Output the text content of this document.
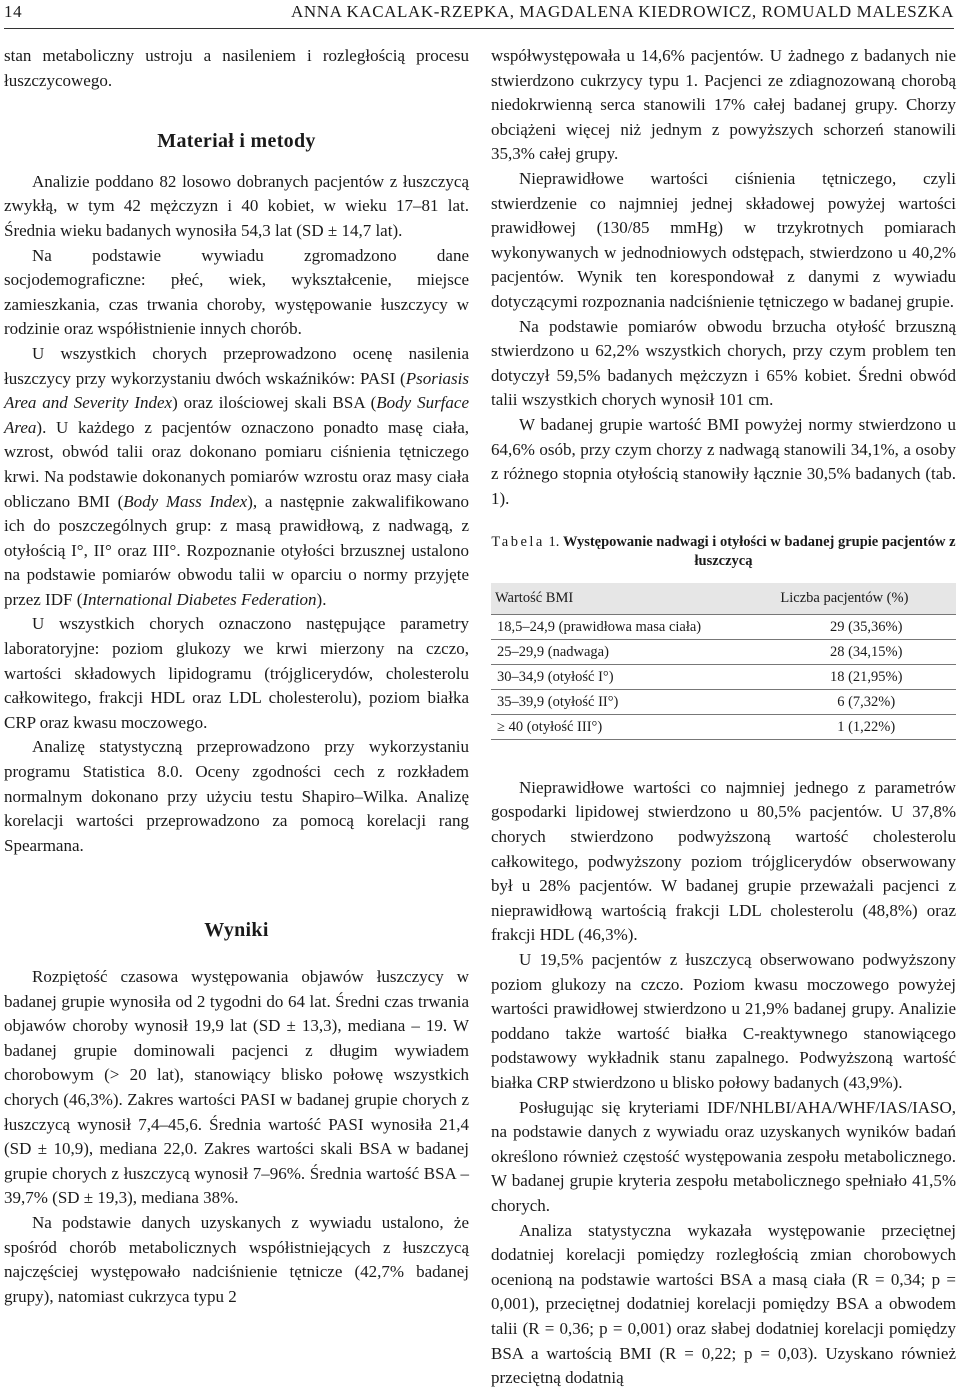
14	ANNA KACALAK-RZEPKA, MAGDALENA KIEDROWICZ, ROMUALD MALESZKA

stan metaboliczny ustroju a nasileniem i rozległością procesu łuszczycowego.

Materiał i metody

Analizie poddano 82 losowo dobranych pacjentów z łuszczycą zwykłą, w tym 42 mężczyzn i 40 kobiet, w wieku 17–81 lat. Średnia wieku badanych wynosiła 54,3 lat (SD ± 14,7 lat).

Na podstawie wywiadu zgromadzono dane socjodemograficzne: płeć, wiek, wykształcenie, miejsce zamieszkania, czas trwania choroby, występowanie łuszczycy w rodzinie oraz współistnienie innych chorób.

U wszystkich chorych przeprowadzono ocenę nasilenia łuszczycy przy wykorzystaniu dwóch wskaźników: PASI (Psoriasis Area and Severity Index) oraz ilościowej skali BSA (Body Surface Area). U każdego z pacjentów oznaczono ponadto masę ciała, wzrost, obwód talii oraz dokonano pomiaru ciśnienia tętniczego krwi. Na podstawie dokonanych pomiarów wzrostu oraz masy ciała obliczano BMI (Body Mass Index), a następnie zakwalifikowano ich do poszczególnych grup: z masą prawidłową, z nadwagą, z otyłością I°, II° oraz III°. Rozpoznanie otyłości brzusznej ustalono na podstawie pomiarów obwodu talii w oparciu o normy przyjęte przez IDF (International Diabetes Federation).

U wszystkich chorych oznaczono następujące parametry laboratoryjne: poziom glukozy we krwi mierzony na czczo, wartości składowych lipidogramu (trójglicerydów, cholesterolu całkowitego, frakcji HDL oraz LDL cholesterolu), poziom białka CRP oraz kwasu moczowego.

Analizę statystyczną przeprowadzono przy wykorzystaniu programu Statistica 8.0. Oceny zgodności cech z rozkładem normalnym dokonano przy użyciu testu Shapiro–Wilka. Analizę korelacji wartości przeprowadzono za pomocą korelacji rang Spearmana.

Wyniki

Rozpiętość czasowa występowania objawów łuszczycy w badanej grupie wynosiła od 2 tygodni do 64 lat. Średni czas trwania objawów choroby wynosił 19,9 lat (SD ± 13,3), mediana – 19. W badanej grupie dominowali pacjenci z długim wywiadem chorobowym (> 20 lat), stanowiący blisko połowę wszystkich chorych (46,3%). Zakres wartości PASI w badanej grupie chorych z łuszczycą wynosił 7,4–45,6. Średnia wartość PASI wynosiła 21,4 (SD ± 10,9), mediana 22,0. Zakres wartości skali BSA w badanej grupie chorych z łuszczycą wynosił 7–96%. Średnia wartość BSA – 39,7% (SD ± 19,3), mediana 38%.

Na podstawie danych uzyskanych z wywiadu ustalono, że spośród chorób metabolicznych współistniejących z łuszczycą najczęściej występowało nadciśnienie tętnicze (42,7% badanej grupy), natomiast cukrzyca typu 2

współwystępowała u 14,6% pacjentów. U żadnego z badanych nie stwierdzono cukrzycy typu 1. Pacjenci ze zdiagnozowaną chorobą niedokrwienną serca stanowili 17% całej badanej grupy. Chorzy obciążeni więcej niż jednym z powyższych schorzeń stanowili 35,3% całej grupy.

Nieprawidłowe wartości ciśnienia tętniczego, czyli stwierdzenie co najmniej jednej składowej powyżej wartości prawidłowej (130/85 mmHg) w trzykrotnych pomiarach wykonywanych w jednodniowych odstępach, stwierdzono u 40,2% pacjentów. Wynik ten korespondował z danymi z wywiadu dotyczącymi rozpoznania nadciśnienie tętniczego w badanej grupie.

Na podstawie pomiarów obwodu brzucha otyłość brzuszną stwierdzono u 62,2% wszystkich chorych, przy czym problem ten dotyczył 59,5% badanych mężczyzn i 65% kobiet. Średni obwód talii wszystkich chorych wynosił 101 cm.

W badanej grupie wartość BMI powyżej normy stwierdzono u 64,6% osób, przy czym chorzy z nadwagą stanowili 34,1%, a osoby z różnego stopnia otyłością stanowiły łącznie 30,5% badanych (tab. 1).

Tabela 1. Występowanie nadwagi i otyłości w badanej grupie pacjentów z łuszczycą
Wartość BMI	Liczba pacjentów (%)
18,5–24,9 (prawidłowa masa ciała)	29 (35,36%)
25–29,9 (nadwaga)	28 (34,15%)
30–34,9 (otyłość I°)	18 (21,95%)
35–39,9 (otyłość II°)	6 (7,32%)
≥ 40 (otyłość III°)	1 (1,22%)

Nieprawidłowe wartości co najmniej jednego z parametrów gospodarki lipidowej stwierdzono u 80,5% pacjentów. U 37,8% chorych stwierdzono podwyższoną wartość cholesterolu całkowitego, podwyższony poziom trójglicerydów obserwowany był u 28% pacjentów. W badanej grupie przeważali pacjenci z nieprawidłową wartością frakcji LDL cholesterolu (48,8%) oraz frakcji HDL (46,3%).

U 19,5% pacjentów z łuszczycą obserwowano podwyższony poziom glukozy na czczo. Poziom kwasu moczowego powyżej wartości prawidłowej stwierdzono u 21,9% badanej grupy. Analizie poddano także wartość białka C-reaktywnego stanowiącego podstawowy wykładnik stanu zapalnego. Podwyższoną wartość białka CRP stwierdzono u blisko połowy badanych (43,9%).

Posługując się kryteriami IDF/NHLBI/AHA/WHF/IAS/IASO, na podstawie danych z wywiadu oraz uzyskanych wyników badań określono również częstość występowania zespołu metabolicznego. W badanej grupie kryteria zespołu metabolicznego spełniało 41,5% chorych.

Analiza statystyczna wykazała występowanie przeciętnej dodatniej korelacji pomiędzy rozległością zmian chorobowych ocenioną na podstawie wartości BSA a masą ciała (R = 0,34; p = 0,001), przeciętnej dodatniej korelacji pomiędzy BSA a obwodem talii (R = 0,36; p = 0,001) oraz słabej dodatniej korelacji pomiędzy BSA a wartością BMI (R = 0,22; p = 0,03). Uzyskano również przeciętną dodatnią
